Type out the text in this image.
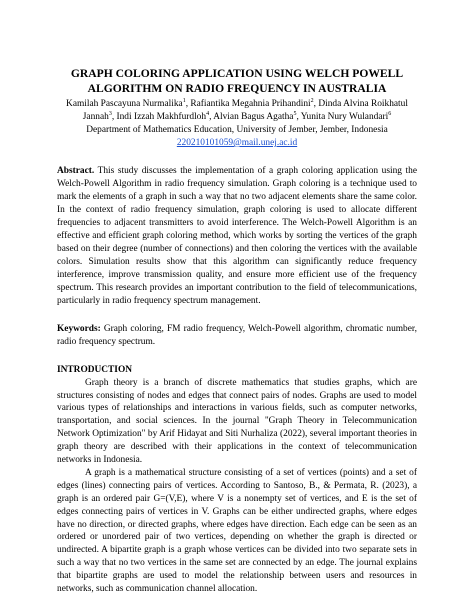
GRAPH COLORING APPLICATION USING WELCH POWELL
ALGORITHM ON RADIO FREQUENCY IN AUSTRALIA

Kamilah Pascayuna Nurmalika$^1$, Rafiantika Megahnia Prihandini$^2$, Dinda Alvina Roikhatul Jannah$^3$, Indi Izzah Makhfurdloh$^4$, Alvian Bagus Agatha$^5$, Yunita Nury Wulandari$^6$

Department of Mathematics Education, University of Jember, Jember, Indonesia

220210101059@mail.unej.ac.id

Abstract. This study discusses the implementation of a graph coloring application using the Welch-Powell Algorithm in radio frequency simulation. Graph coloring is a technique used to mark the elements of a graph in such a way that no two adjacent elements share the same color. In the context of radio frequency simulation, graph coloring is used to allocate different frequencies to adjacent transmitters to avoid interference. The Welch-Powell Algorithm is an effective and efficient graph coloring method, which works by sorting the vertices of the graph based on their degree (number of connections) and then coloring the vertices with the available colors. Simulation results show that this algorithm can significantly reduce frequency interference, improve transmission quality, and ensure more efficient use of the frequency spectrum. This research provides an important contribution to the field of telecommunications, particularly in radio frequency spectrum management.

Keywords: Graph coloring, FM radio frequency, Welch-Powell algorithm, chromatic number, radio frequency spectrum.

INTRODUCTION

Graph theory is a branch of discrete mathematics that studies graphs, which are structures consisting of nodes and edges that connect pairs of nodes. Graphs are used to model various types of relationships and interactions in various fields, such as computer networks, transportation, and social sciences. In the journal "Graph Theory in Telecommunication Network Optimization" by Arif Hidayat and Siti Nurhaliza (2022), several important theories in graph theory are described with their applications in the context of telecommunication networks in Indonesia.

A graph is a mathematical structure consisting of a set of vertices (points) and a set of edges (lines) connecting pairs of vertices. According to Santoso, B., & Permata, R. (2023), a graph is an ordered pair G=(V,E), where V is a nonempty set of vertices, and E is the set of edges connecting pairs of vertices in V. Graphs can be either undirected graphs, where edges have no direction, or directed graphs, where edges have direction. Each edge can be seen as an ordered or unordered pair of two vertices, depending on whether the graph is directed or undirected. A bipartite graph is a graph whose vertices can be divided into two separate sets in such a way that no two vertices in the same set are connected by an edge. The journal explains that bipartite graphs are used to model the relationship between users and resources in networks, such as communication channel allocation.
